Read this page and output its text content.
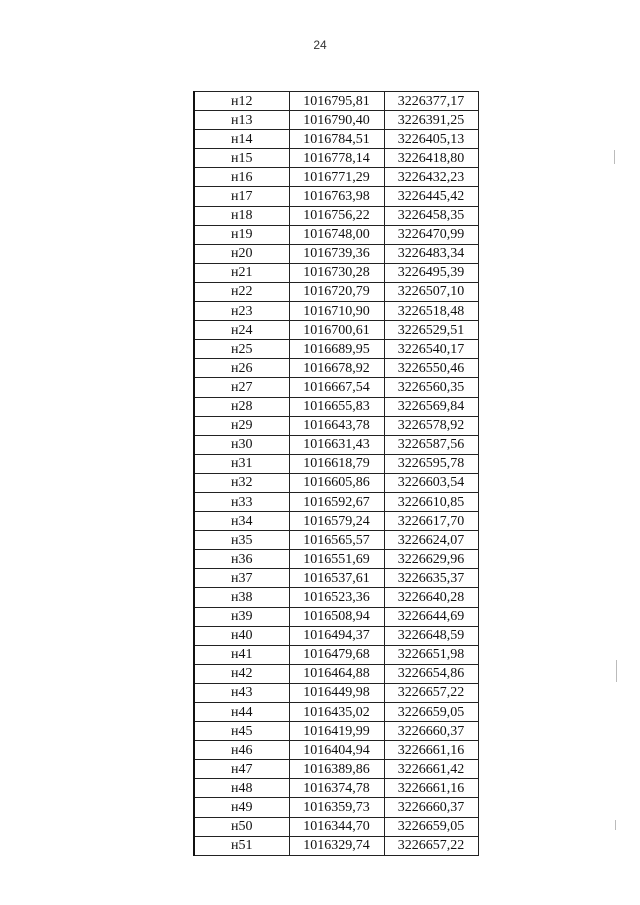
24
н12	1016795,81	3226377,17
н13	1016790,40	3226391,25
н14	1016784,51	3226405,13
н15	1016778,14	3226418,80
н16	1016771,29	3226432,23
н17	1016763,98	3226445,42
н18	1016756,22	3226458,35
н19	1016748,00	3226470,99
н20	1016739,36	3226483,34
н21	1016730,28	3226495,39
н22	1016720,79	3226507,10
н23	1016710,90	3226518,48
н24	1016700,61	3226529,51
н25	1016689,95	3226540,17
н26	1016678,92	3226550,46
н27	1016667,54	3226560,35
н28	1016655,83	3226569,84
н29	1016643,78	3226578,92
н30	1016631,43	3226587,56
н31	1016618,79	3226595,78
н32	1016605,86	3226603,54
н33	1016592,67	3226610,85
н34	1016579,24	3226617,70
н35	1016565,57	3226624,07
н36	1016551,69	3226629,96
н37	1016537,61	3226635,37
н38	1016523,36	3226640,28
н39	1016508,94	3226644,69
н40	1016494,37	3226648,59
н41	1016479,68	3226651,98
н42	1016464,88	3226654,86
н43	1016449,98	3226657,22
н44	1016435,02	3226659,05
н45	1016419,99	3226660,37
н46	1016404,94	3226661,16
н47	1016389,86	3226661,42
н48	1016374,78	3226661,16
н49	1016359,73	3226660,37
н50	1016344,70	3226659,05
н51	1016329,74	3226657,22
